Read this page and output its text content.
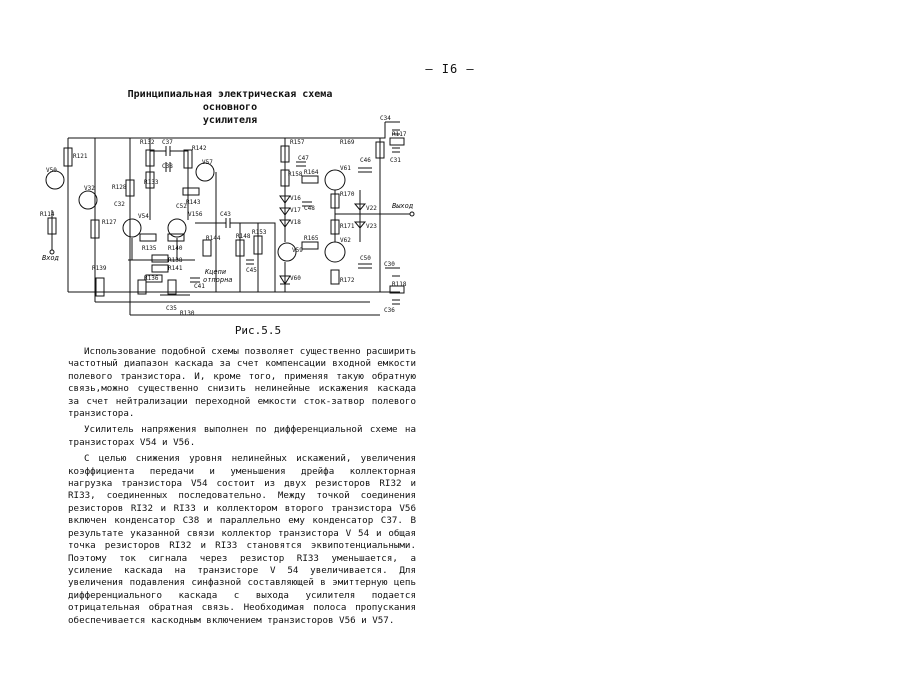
– I6 –
Принципиальная электрическая схема основного
усилителя
R121
V50
V32	R128
R114
R127
C32
V54
R132 C37
C38
R133
C52
R142
V57
R143
V156	C43
R135 R140
R138
R141
R144	R148
R153
R136
C41
C35
R139	C45
V59
V60
R157
C47
R158 R164
V61
C46
R170
V16
V17 C48
V18
R165
R171
V62
V22
V23
C50
R172
R169
C34
R117
C31
C30
R118
C36
R130
Вход
Выход
Кцепи
отпорна
Рис.5.5

Использование подобной схемы позволяет существенно расширить частотный диапазон каскада за счет компенсации входной емкости полевого транзистора. И, кроме того, применяя такую обратную связь,можно существенно снизить нелинейные искажения каскада за счет нейтрализации переходной емкости сток-затвор полевого транзистора.

Усилитель напряжения выполнен по дифференциальной схеме на транзисторах V54 и V56.

С целью снижения уровня нелинейных искажений, увеличения коэффициента передачи и уменьшения дрейфа коллекторная нагрузка транзистора V54 состоит из двух резисторов RI32 и RI33, соединенных последовательно. Между точкой соединения резисторов RI32 и RI33 и коллектором второго транзистора V56 включен конденсатор C38 и параллельно ему конденсатор C37. В результате указанной связи коллектор транзистора V 54 и общая точка резисторов RI32 и RI33 становятся эквипотенциальными. Поэтому ток сигнала через резистор RI33 уменьшается, а усиление каскада на транзисторе V 54 увеличивается. Для увеличения подавления синфазной составляющей в эмиттерную цепь дифференциального каскада с выхода усилителя подается отрицательная обратная связь. Необходимая полоса пропускания обеспечивается каскодным включением транзисторов V56 и V57.
